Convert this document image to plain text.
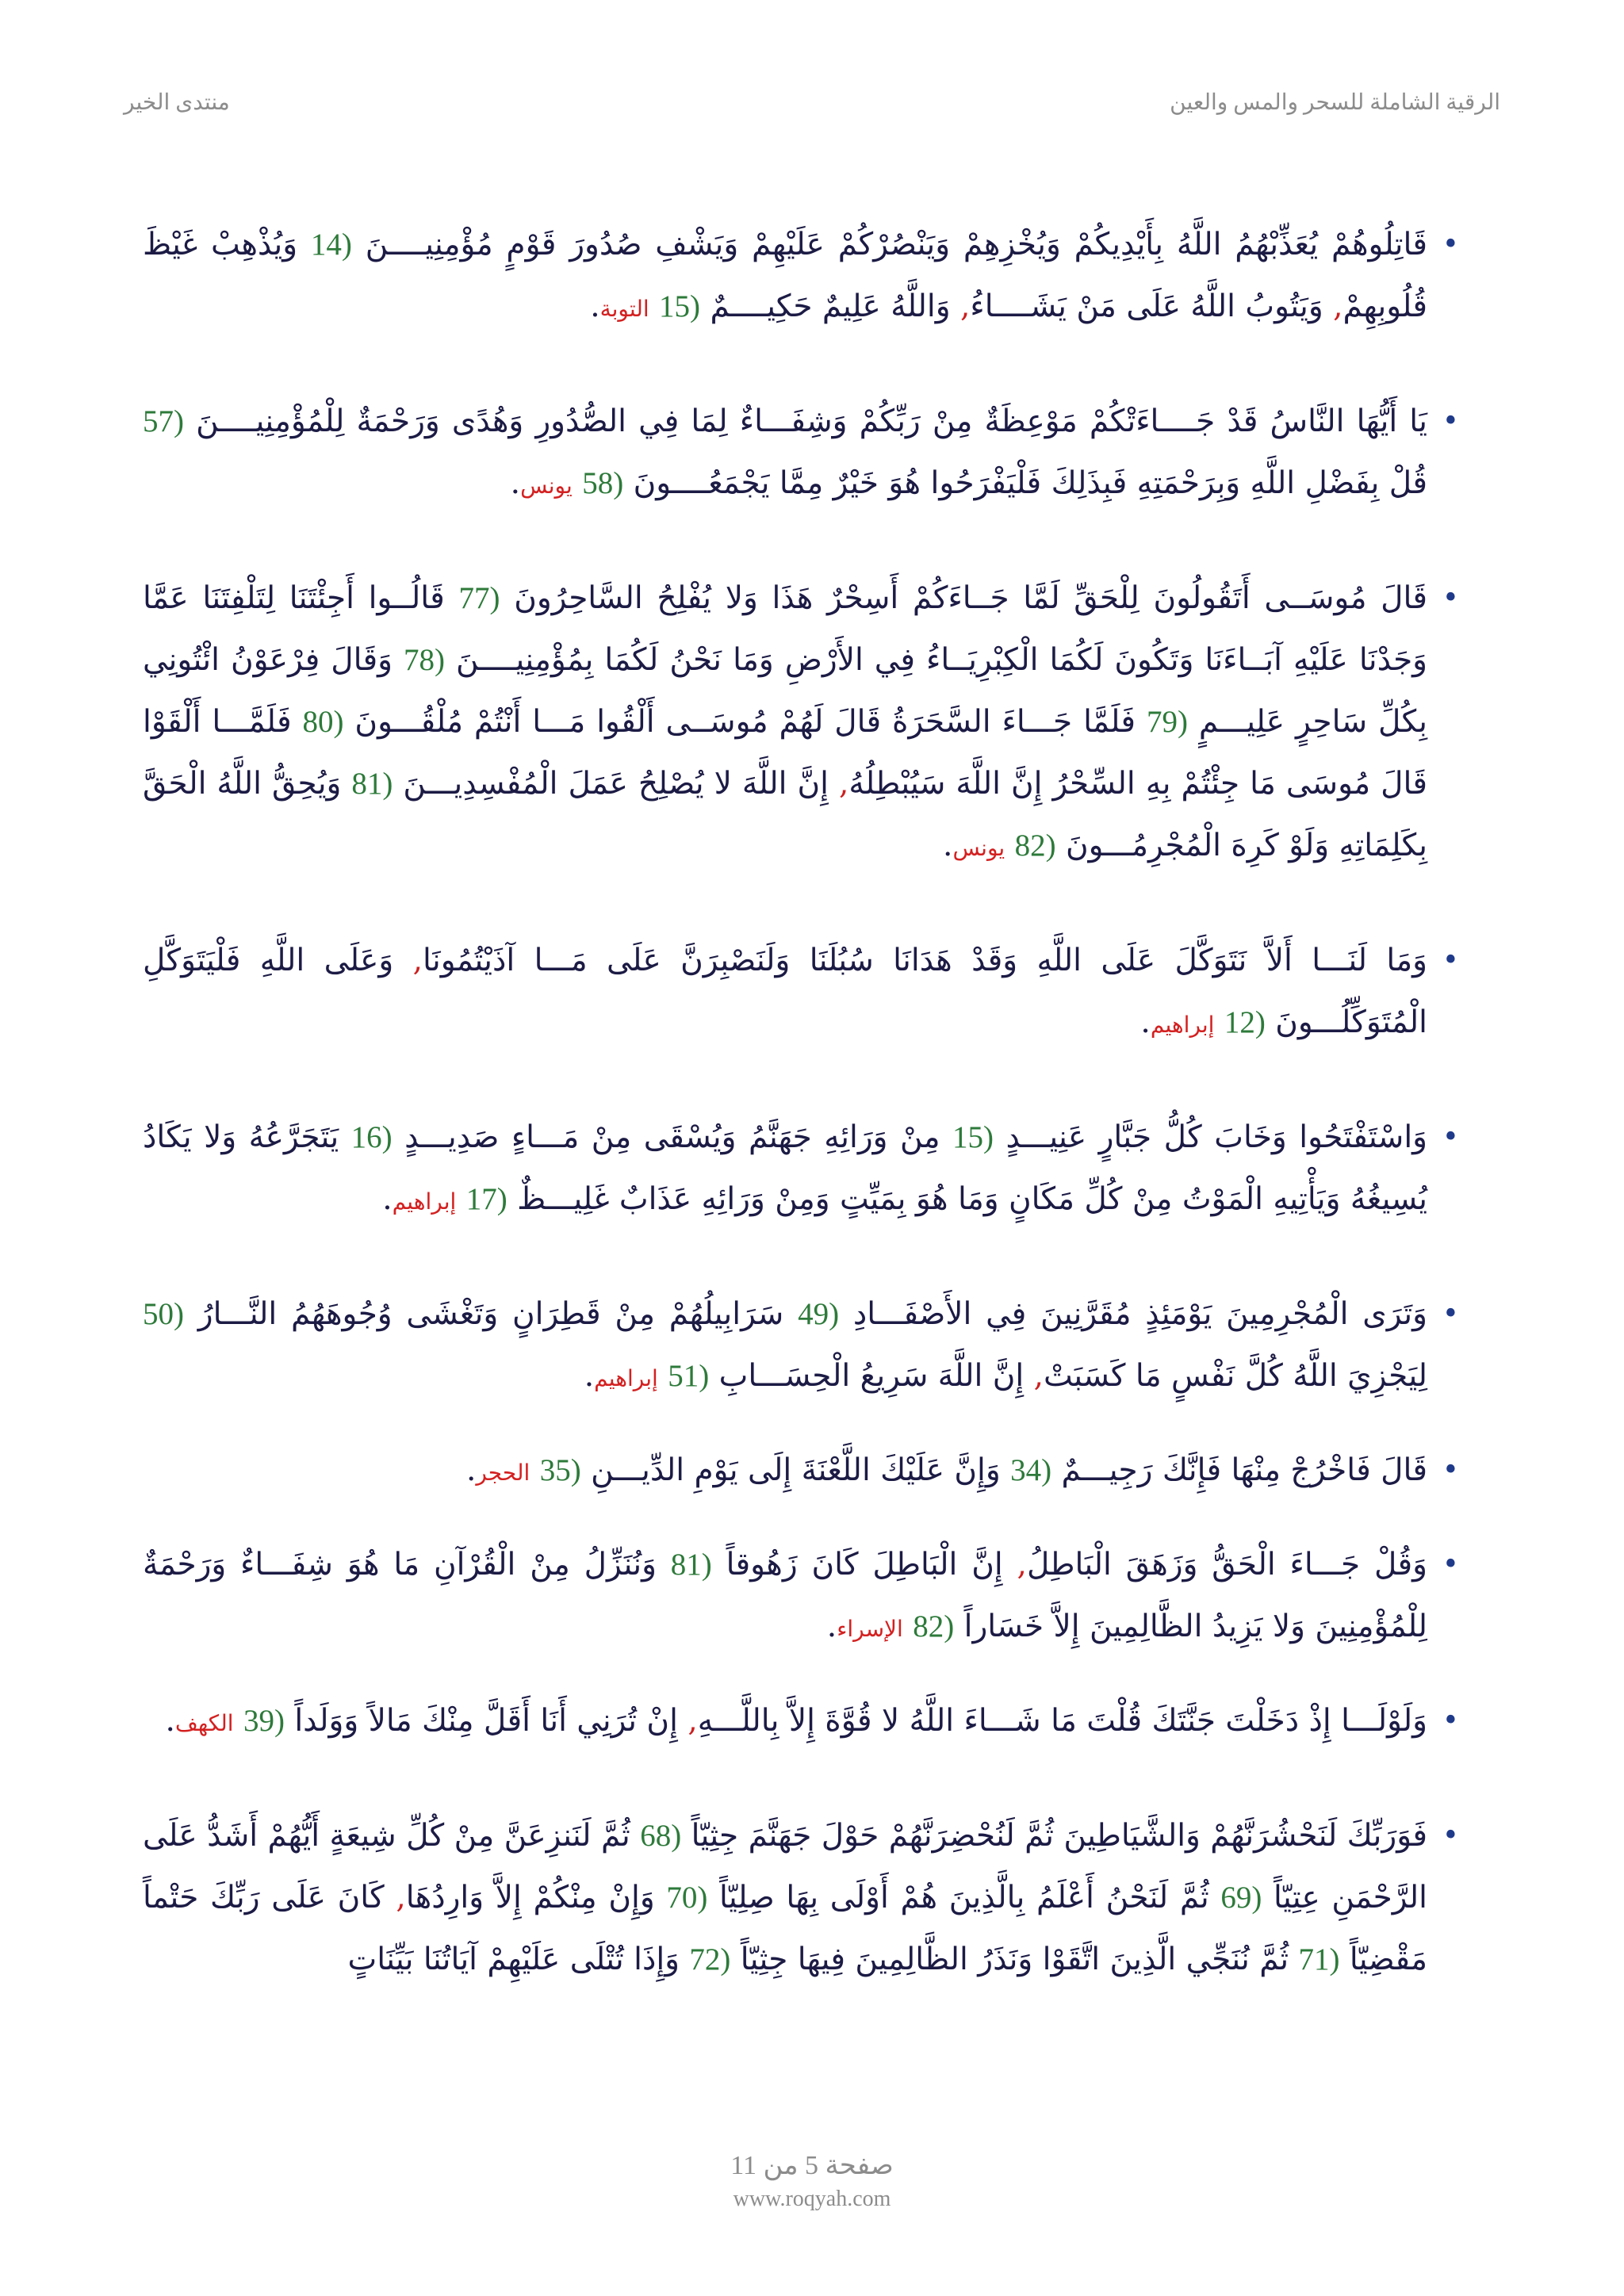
منتدى الخير	الرقية الشاملة للسحر والمس والعين
•
قَاتِلُوهُمْ يُعَذِّبْهُمُ اللَّهُ بِأَيْدِيكُمْ وَيُخْزِهِمْ وَيَنْصُرْكُمْ عَلَيْهِمْ وَيَشْفِ صُدُورَ قَوْمٍ مُؤْمِنِيــــنَ (14 وَيُذْهِبْ غَيْظَ قُلُوبِهِمْ, وَيَتُوبُ اللَّهُ عَلَى مَنْ يَشَــــاءُ, وَاللَّهُ عَلِيمٌ حَكِيــــمٌ (15 التوبة.
•
يَا أَيُّهَا النَّاسُ قَدْ جَــــاءَتْكُمْ مَوْعِظَةٌ مِنْ رَبِّكُمْ وَشِفَـــاءٌ لِمَا فِي الصُّدُورِ وَهُدًى وَرَحْمَةٌ لِلْمُؤْمِنِيــــنَ (57 قُلْ بِفَضْلِ اللَّهِ وَبِرَحْمَتِهِ فَبِذَلِكَ فَلْيَفْرَحُوا هُوَ خَيْرٌ مِمَّا يَجْمَعُــــونَ (58 يونس.
•
قَالَ مُوسَــى أَتَقُولُونَ لِلْحَقِّ لَمَّا جَــاءَكُمْ أَسِحْرٌ هَذَا وَلا يُفْلِحُ السَّاحِرُونَ (77 قَالُــوا أَجِئْتَنَا لِتَلْفِتَنَا عَمَّا وَجَدْنَا عَلَيْهِ آبَــاءَنَا وَتَكُونَ لَكُمَا الْكِبْرِيَــاءُ فِي الأَرْضِ وَمَا نَحْنُ لَكُمَا بِمُؤْمِنِيــــنَ (78 وَقَالَ فِرْعَوْنُ ائْتُونِي بِكُلِّ سَاحِرٍ عَلِيـــمٍ (79 فَلَمَّا جَـــاءَ السَّحَرَةُ قَالَ لَهُمْ مُوسَــى أَلْقُوا مَـــا أَنْتُمْ مُلْقُـــونَ (80 فَلَمَّـــا أَلْقَوْا قَالَ مُوسَى مَا جِئْتُمْ بِهِ السِّحْرُ إِنَّ اللَّهَ سَيُبْطِلُهُ, إِنَّ اللَّهَ لا يُصْلِحُ عَمَلَ الْمُفْسِدِيـــنَ (81 وَيُحِقُّ اللَّهُ الْحَقَّ بِكَلِمَاتِهِ وَلَوْ كَرِهَ الْمُجْرِمُـــونَ (82 يونس.
•
وَمَا لَنَـــا أَلاَّ نَتَوَكَّلَ عَلَى اللَّهِ وَقَدْ هَدَانَا سُبُلَنَا وَلَنَصْبِرَنَّ عَلَى مَـــا آذَيْتُمُونَا, وَعَلَى اللَّهِ فَلْيَتَوَكَّلِ الْمُتَوَكِّلُـــونَ (12 إبراهيم.
•
وَاسْتَفْتَحُوا وَخَابَ كُلُّ جَبَّارٍ عَنِيـــدٍ (15 مِنْ وَرَائِهِ جَهَنَّمُ وَيُسْقَى مِنْ مَـــاءٍ صَدِيـــدٍ (16 يَتَجَرَّعُهُ وَلا يَكَادُ يُسِيغُهُ وَيَأْتِيهِ الْمَوْتُ مِنْ كُلِّ مَكَانٍ وَمَا هُوَ بِمَيِّتٍ وَمِنْ وَرَائِهِ عَذَابٌ غَلِيـــظٌ (17 إبراهيم.
•
وَتَرَى الْمُجْرِمِينَ يَوْمَئِذٍ مُقَرَّنِينَ فِي الأَصْفَـــادِ (49 سَرَابِيلُهُمْ مِنْ قَطِرَانٍ وَتَغْشَى وُجُوهَهُمُ النَّـــارُ (50 لِيَجْزِيَ اللَّهُ كُلَّ نَفْسٍ مَا كَسَبَتْ, إِنَّ اللَّهَ سَرِيعُ الْحِسَـــابِ (51 إبراهيم.
•
قَالَ فَاخْرُجْ مِنْهَا فَإِنَّكَ رَجِيـــمٌ (34 وَإِنَّ عَلَيْكَ اللَّعْنَةَ إِلَى يَوْمِ الدِّيـــنِ (35 الحجر.
•
وَقُلْ جَـــاءَ الْحَقُّ وَزَهَقَ الْبَاطِلُ, إِنَّ الْبَاطِلَ كَانَ زَهُوقاً (81 وَنُنَزِّلُ مِنْ الْقُرْآنِ مَا هُوَ شِفَـــاءٌ وَرَحْمَةٌ لِلْمُؤْمِنِينَ وَلا يَزِيدُ الظَّالِمِينَ إِلاَّ خَسَاراً (82 الإسراء.
•
وَلَوْلَـــا إِذْ دَخَلْتَ جَنَّتَكَ قُلْتَ مَا شَـــاءَ اللَّهُ لا قُوَّةَ إِلاَّ بِاللَّـــهِ, إِنْ تُرَنِي أَنَا أَقَلَّ مِنْكَ مَالاً وَوَلَداً (39 الكهف.
•
فَوَرَبِّكَ لَنَحْشُرَنَّهُمْ وَالشَّيَاطِينَ ثُمَّ لَنُحْضِرَنَّهُمْ حَوْلَ جَهَنَّمَ جِثِيّاً (68 ثُمَّ لَنَنزِعَنَّ مِنْ كُلِّ شِيعَةٍ أَيُّهُمْ أَشَدُّ عَلَى الرَّحْمَنِ عِتِيّاً (69 ثُمَّ لَنَحْنُ أَعْلَمُ بِالَّذِينَ هُمْ أَوْلَى بِهَا صِلِيّاً (70 وَإِنْ مِنْكُمْ إِلاَّ وَارِدُهَا, كَانَ عَلَى رَبِّكَ حَتْماً مَقْضِيّاً (71 ثُمَّ نُنَجِّي الَّذِينَ اتَّقَوْا وَنَذَرُ الظَّالِمِينَ فِيهَا جِثِيّاً (72 وَإِذَا تُتْلَى عَلَيْهِمْ آيَاتُنَا بَيِّنَاتٍ
صفحة 5 من 11
www.roqyah.com
